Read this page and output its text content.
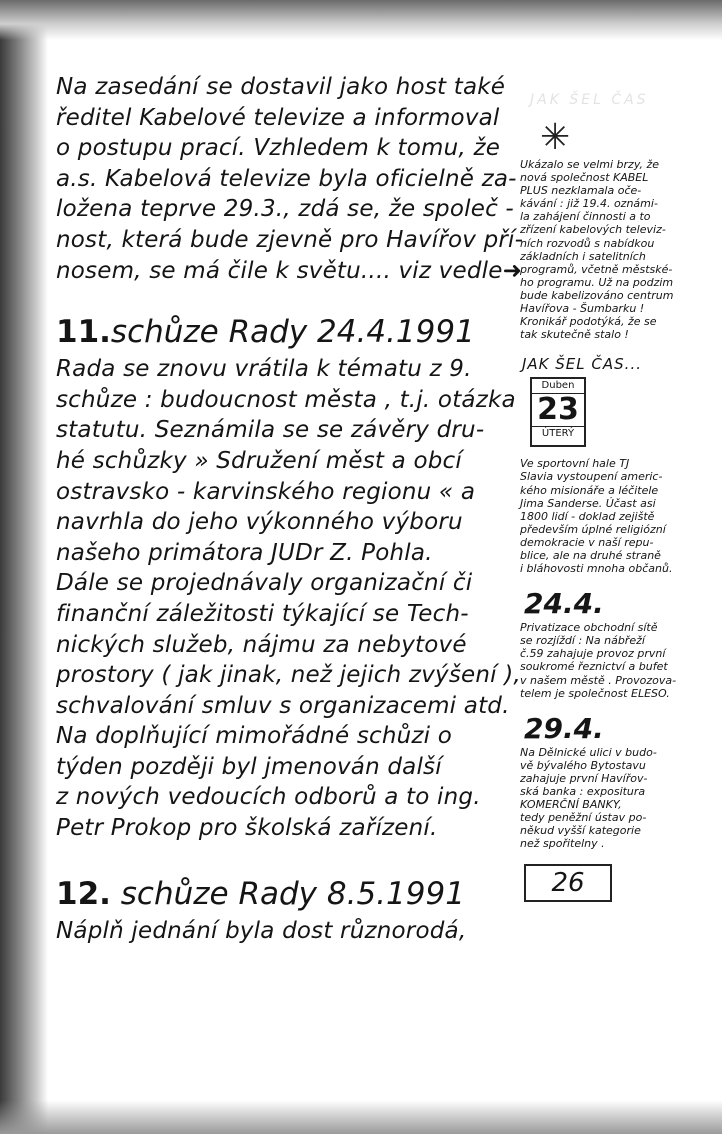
JAK ŠEL ČAS
Na zasedání se dostavil jako host také
ředitel Kabelové televize a informoval
o postupu prací. Vzhledem k tomu, že
a.s. Kabelová televize byla oficielně za-
ložena teprve 29.3., zdá se, že společ -
nost, která bude zjevně pro Havířov pří-
nosem, se má čile k světu.... viz vedle➜
11.schůze Rady 24.4.1991
Rada se znovu vrátila k tématu z 9.
schůze : budoucnost města , t.j. otázka
statutu. Seznámila se se závěry dru-
hé schůzky » Sdružení měst a obcí
ostravsko - karvinského regionu « a
navrhla do jeho výkonného výboru
našeho primátora JUDr Z. Pohla.
Dále se projednávaly organizační či
finanční záležitosti týkající se Tech-
nických služeb, nájmu za nebytové
prostory ( jak jinak, než jejich zvýšení ),
schvalování smluv s organizacemi atd.
Na doplňující mimořádné schůzi o
týden později byl jmenován další
z nových vedoucích odborů a to ing.
Petr Prokop pro školská zařízení.
12. schůze Rady 8.5.1991
Náplň jednání byla dost různorodá,
✳
Ukázalo se velmi brzy, že
nová společnost KABEL
PLUS nezklamala oče-
kávání : již 19.4. oznámi-
la zahájení činnosti a to
zřízení kabelových televiz-
ních rozvodů s nabídkou
základních i satelitních
programů, včetně městské-
ho programu. Už na podzim
bude kabelizováno centrum
Havířova - Šumbarku !
Kronikář podotýká, že se
tak skutečně stalo !
JAK ŠEL ČAS...
Duben
23
ÚTERÝ
Ve sportovní hale TJ
Slavia vystoupení americ-
kého misionáře a léčitele
Jima Sanderse. Účast asi
1800 lidí - doklad zejiště
především úplné religiózní
demokracie v naší repu-
blice, ale na druhé straně
i bláhovosti mnoha občanů.
24.4.
Privatizace obchodní sítě
se rozjíždí : Na nábřeží
č.59 zahajuje provoz první
soukromé řeznictví a bufet
v našem městě . Provozova-
telem je společnost ELESO.
29.4.
Na Dělnické ulici v budo-
vě bývalého Bytostavu
zahajuje první Havířov-
ská banka : expositura
KOMERČNÍ BANKY,
tedy peněžní ústav po-
někud vyšší kategorie
než spořitelny .
26
